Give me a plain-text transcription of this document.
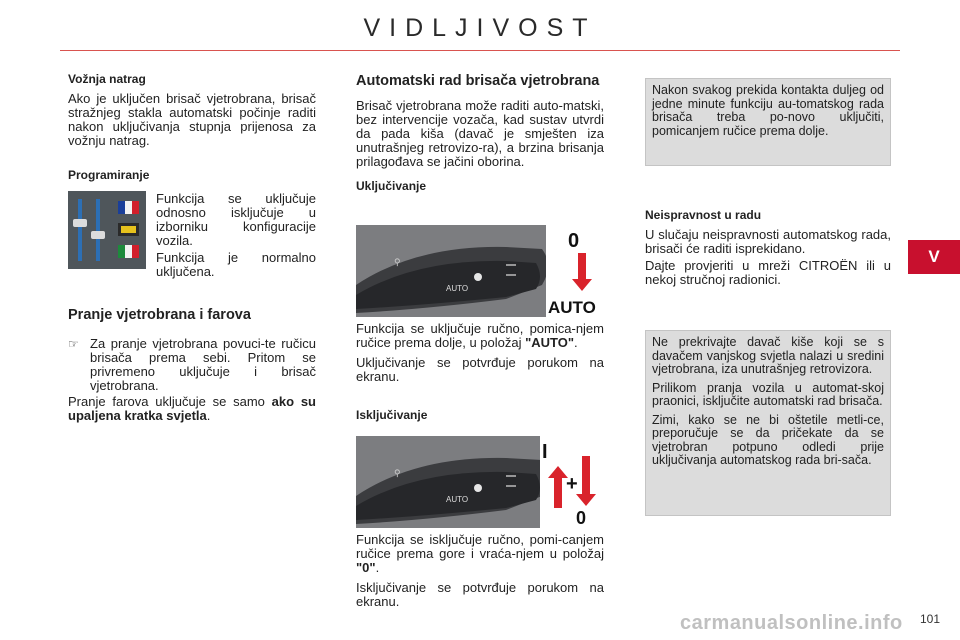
VIDLJIVOST
V
Vožnja natrag

Ako je uključen brisač vjetrobrana, brisač stražnjeg stakla automatski počinje raditi nakon uključivanja stupnja prijenosa za vožnju natrag.

Programiranje

Funkcija se uključuje odnosno isključuje u izborniku konfiguracije vozila.

Funkcija je normalno uključena.

Pranje vjetrobrana i farova
☞ Za pranje vjetrobrana povuci-te ručicu brisača prema sebi. Pritom se privremeno uključuje i brisač vjetrobrana.

Pranje farova uključuje se samo ako su upaljena kratka svjetla.

Automatski rad brisača vjetrobrana

Brisač vjetrobrana može raditi auto-matski, bez intervencije vozača, kad sustav utvrdi da pada kiša (davač je smješten iza unutrašnjeg retrovizo-ra), a brzina brisanja prilagođava se jačini oborina.

Uključivanje
AUTO
⚲
0
AUTO

Funkcija se uključuje ručno, pomica-njem ručice prema dolje, u položaj "AUTO".

Uključivanje se potvrđuje porukom na ekranu.

Isključivanje
AUTO
⚲
I
+
0

Funkcija se isključuje ručno, pomi-canjem ručice prema gore i vraća-njem u položaj "0".

Isključivanje se potvrđuje porukom na ekranu.

Nakon svakog prekida kontakta duljeg od jedne minute funkciju au-tomatskog rada brisača treba po-novo uključiti, pomicanjem ručice prema dolje.

Neispravnost u radu

U slučaju neispravnosti automatskog rada, brisači će raditi isprekidano.

Dajte provjeriti u mreži CITROËN ili u nekoj stručnoj radionici.

Ne prekrivajte davač kiše koji se s davačem vanjskog svjetla nalazi u sredini vjetrobrana, iza unutrašnjeg retrovizora.

Prilikom pranja vozila u automat-skoj praonici, isključite automatski rad brisača.

Zimi, kako se ne bi oštetile metli-ce, preporučuje se da pričekate da se vjetrobran potpuno odledi prije uključivanja automatskog rada bri-sača.

carmanualsonline.info 101
